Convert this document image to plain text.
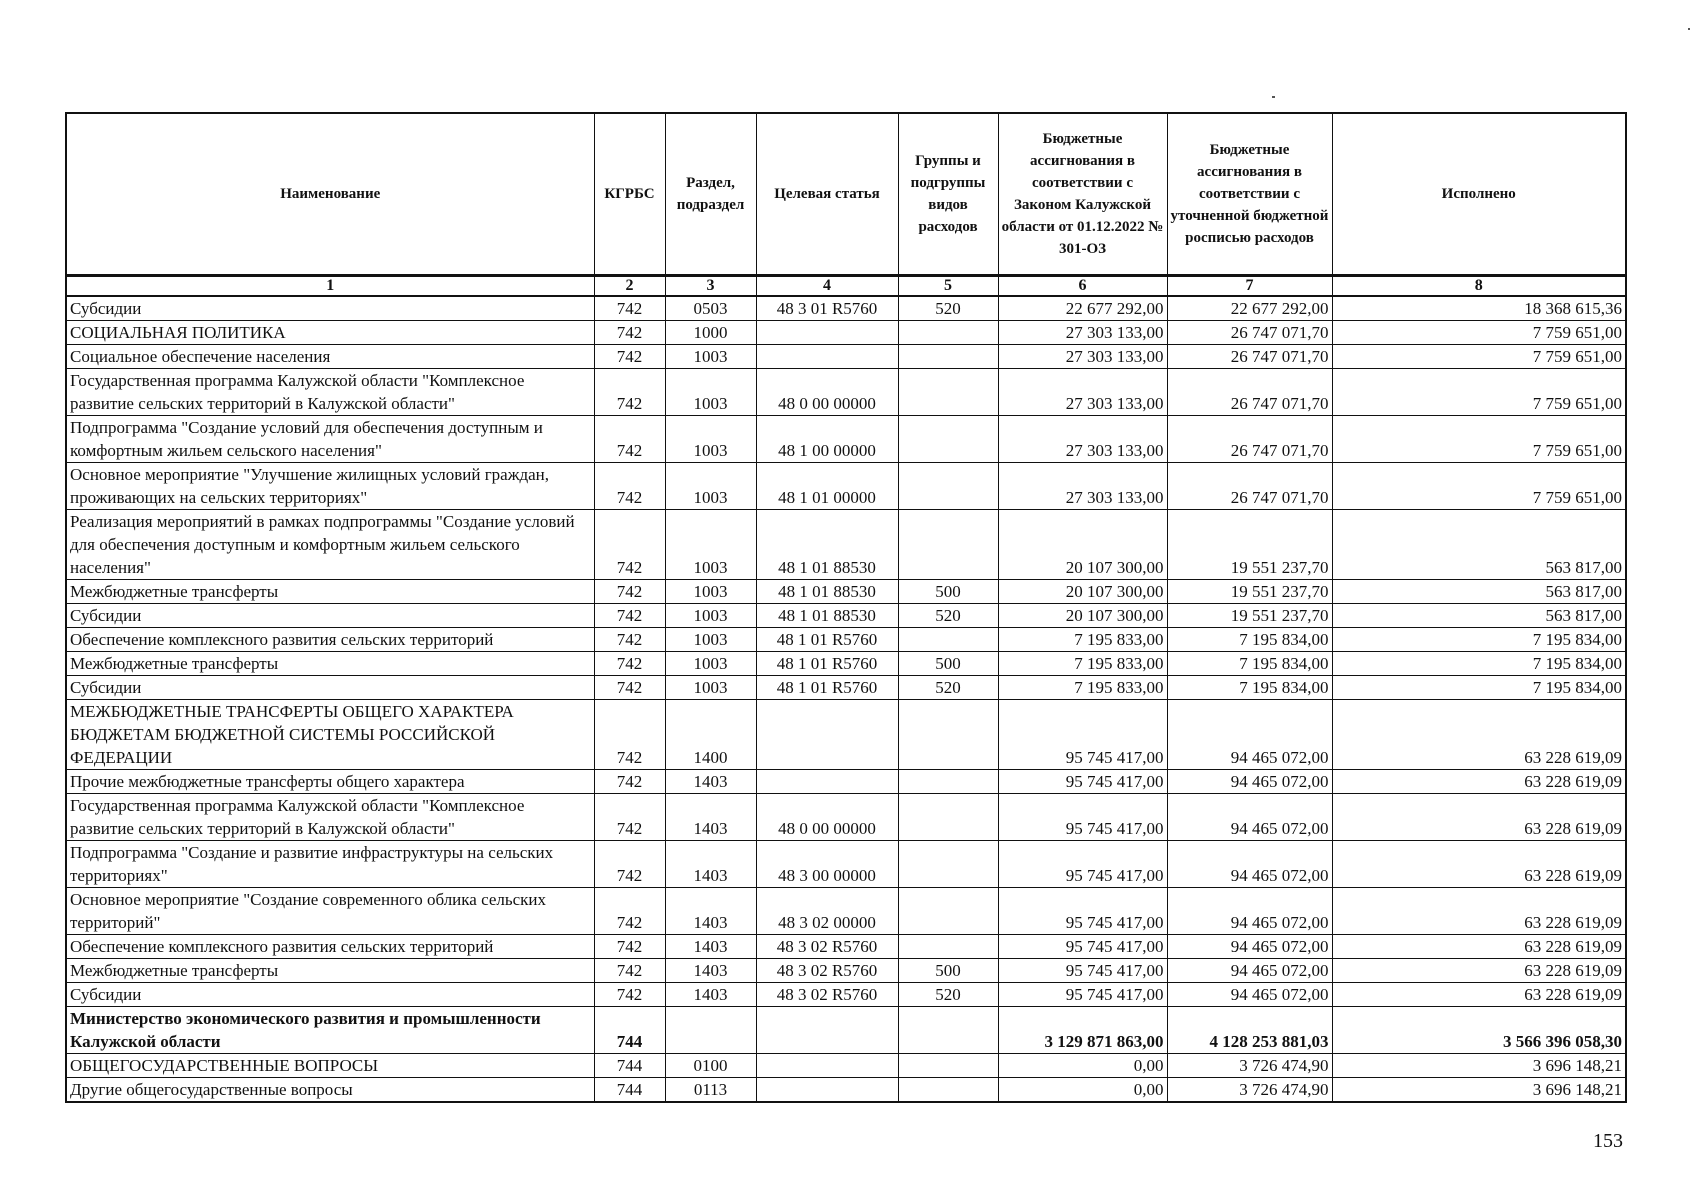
Наименование	КГРБС	Раздел, подраздел	Целевая статья	Группы и подгруппы видов расходов	Бюджетные ассигнования в соответствии с Законом Калужской области от 01.12.2022 № 301-ОЗ	Бюджетные ассигнования в соответствии с уточненной бюджетной росписью расходов	Исполнено
1	2	3	4	5	6	7	8
Субсидии	742	0503	48 3 01 R5760	520	22 677 292,00	22 677 292,00	18 368 615,36
СОЦИАЛЬНАЯ ПОЛИТИКА	742	1000			27 303 133,00	26 747 071,70	7 759 651,00
Социальное обеспечение населения	742	1003			27 303 133,00	26 747 071,70	7 759 651,00
Государственная программа Калужской области "Комплексное развитие сельских территорий в Калужской области"	742	1003	48 0 00 00000		27 303 133,00	26 747 071,70	7 759 651,00
Подпрограмма "Создание условий для обеспечения доступным и комфортным жильем сельского населения"	742	1003	48 1 00 00000		27 303 133,00	26 747 071,70	7 759 651,00
Основное мероприятие "Улучшение жилищных условий граждан, проживающих на сельских территориях"	742	1003	48 1 01 00000		27 303 133,00	26 747 071,70	7 759 651,00
Реализация мероприятий в рамках подпрограммы "Создание условий для обеспечения доступным и комфортным жильем сельского населения"	742	1003	48 1 01 88530		20 107 300,00	19 551 237,70	563 817,00
Межбюджетные трансферты	742	1003	48 1 01 88530	500	20 107 300,00	19 551 237,70	563 817,00
Субсидии	742	1003	48 1 01 88530	520	20 107 300,00	19 551 237,70	563 817,00
Обеспечение комплексного развития сельских территорий	742	1003	48 1 01 R5760		7 195 833,00	7 195 834,00	7 195 834,00
Межбюджетные трансферты	742	1003	48 1 01 R5760	500	7 195 833,00	7 195 834,00	7 195 834,00
Субсидии	742	1003	48 1 01 R5760	520	7 195 833,00	7 195 834,00	7 195 834,00
МЕЖБЮДЖЕТНЫЕ ТРАНСФЕРТЫ ОБЩЕГО ХАРАКТЕРА БЮДЖЕТАМ БЮДЖЕТНОЙ СИСТЕМЫ РОССИЙСКОЙ ФЕДЕРАЦИИ	742	1400			95 745 417,00	94 465 072,00	63 228 619,09
Прочие межбюджетные трансферты общего характера	742	1403			95 745 417,00	94 465 072,00	63 228 619,09
Государственная программа Калужской области "Комплексное развитие сельских территорий в Калужской области"	742	1403	48 0 00 00000		95 745 417,00	94 465 072,00	63 228 619,09
Подпрограмма "Создание и развитие инфраструктуры на сельских территориях"	742	1403	48 3 00 00000		95 745 417,00	94 465 072,00	63 228 619,09
Основное мероприятие "Создание современного облика сельских территорий"	742	1403	48 3 02 00000		95 745 417,00	94 465 072,00	63 228 619,09
Обеспечение комплексного развития сельских территорий	742	1403	48 3 02 R5760		95 745 417,00	94 465 072,00	63 228 619,09
Межбюджетные трансферты	742	1403	48 3 02 R5760	500	95 745 417,00	94 465 072,00	63 228 619,09
Субсидии	742	1403	48 3 02 R5760	520	95 745 417,00	94 465 072,00	63 228 619,09
Министерство экономического развития и промышленности Калужской области	744				3 129 871 863,00	4 128 253 881,03	3 566 396 058,30
ОБЩЕГОСУДАРСТВЕННЫЕ ВОПРОСЫ	744	0100			0,00	3 726 474,90	3 696 148,21
Другие общегосударственные вопросы	744	0113			0,00	3 726 474,90	3 696 148,21
153
